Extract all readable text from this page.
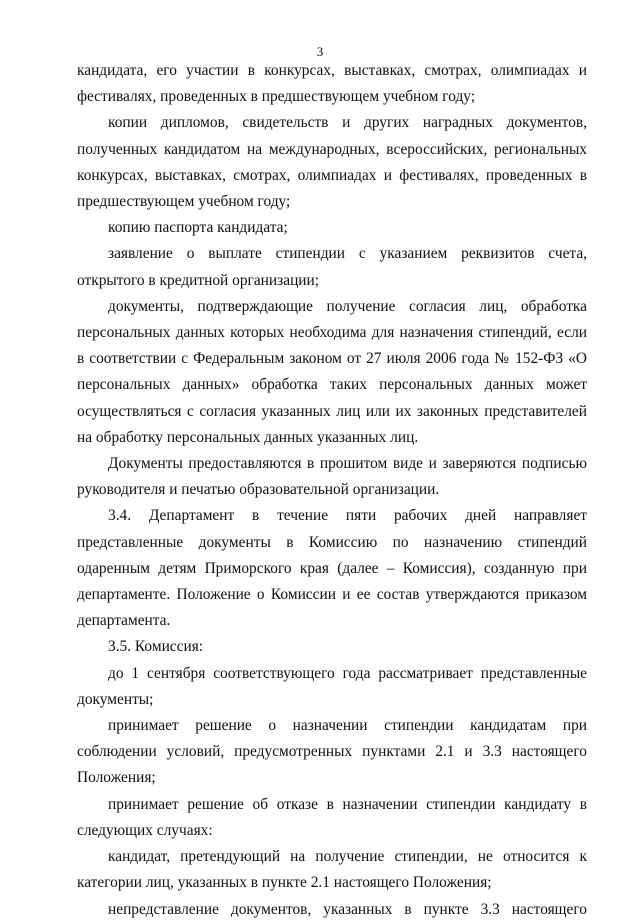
3

кандидата, его участии в конкурсах, выставках, смотрах, олимпиадах и фестивалях, проведенных в предшествующем учебном году;

копии дипломов, свидетельств и других наградных документов, полученных кандидатом на международных, всероссийских, региональных конкурсах, выставках, смотрах, олимпиадах и фестивалях, проведенных в предшествующем учебном году;

копию паспорта кандидата;

заявление о выплате стипендии с указанием реквизитов счета, открытого в кредитной организации;

документы, подтверждающие получение согласия лиц, обработка персональных данных которых необходима для назначения стипендий, если в соответствии с Федеральным законом от 27 июля 2006 года № 152-ФЗ «О персональных данных» обработка таких персональных данных может осуществляться с согласия указанных лиц или их законных представителей на обработку персональных данных указанных лиц.

Документы предоставляются в прошитом виде и заверяются подписью руководителя и печатью образовательной организации.

3.4. Департамент в течение пяти рабочих дней направляет представленные документы в Комиссию по назначению стипендий одаренным детям Приморского края (далее – Комиссия), созданную при департаменте. Положение о Комиссии и ее состав утверждаются приказом департамента.

3.5. Комиссия:

до 1 сентября соответствующего года рассматривает представленные документы;

принимает решение о назначении стипендии кандидатам при соблюдении условий, предусмотренных пунктами 2.1 и 3.3 настоящего Положения;

принимает решение об отказе в назначении стипендии кандидату в следующих случаях:

кандидат, претендующий на получение стипендии, не относится к категории лиц, указанных в пункте 2.1 настоящего Положения;

непредставление документов, указанных в пункте 3.3 настоящего
